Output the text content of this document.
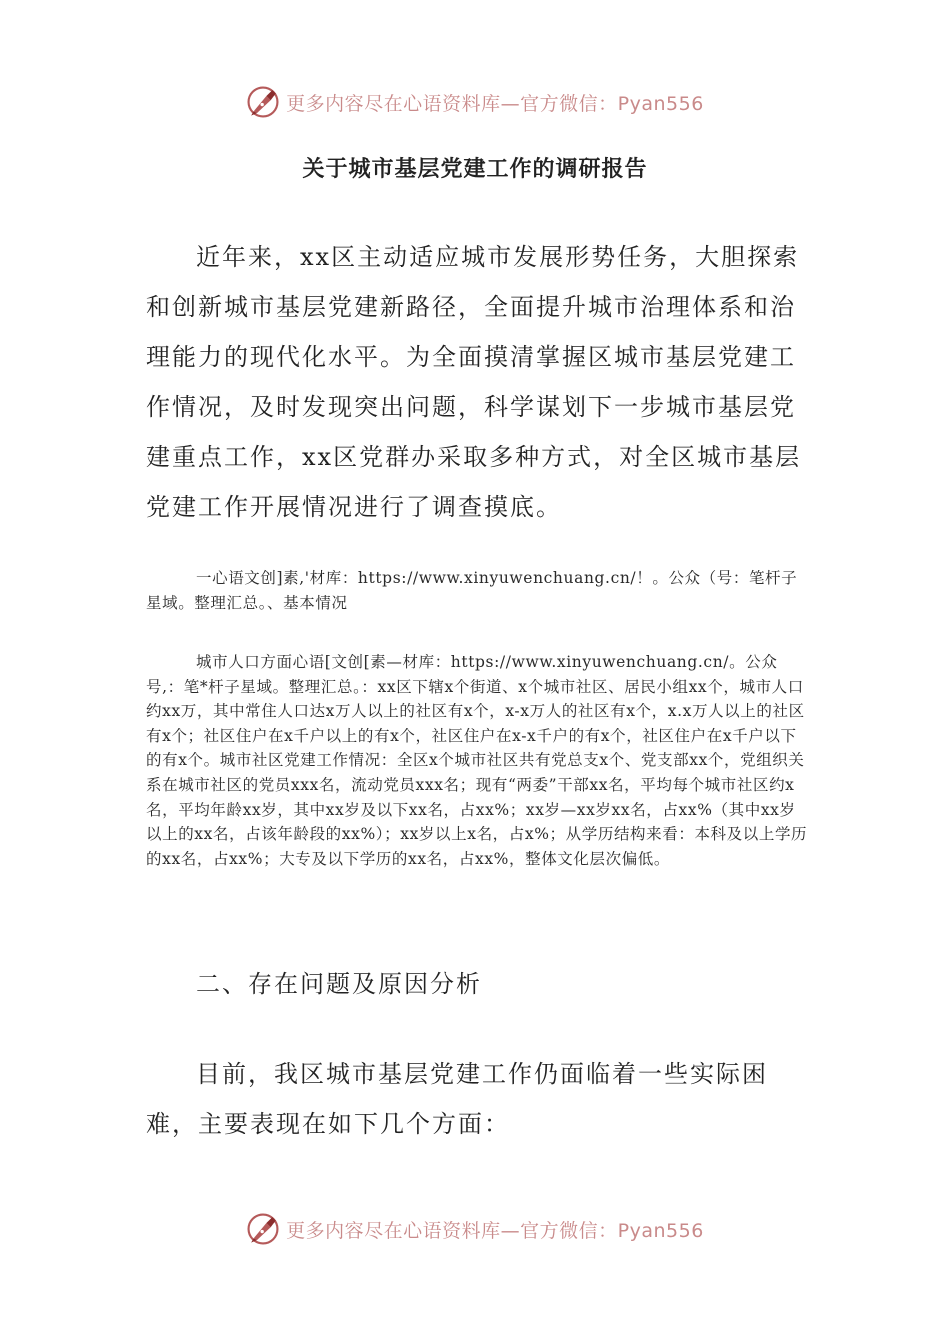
更多内容尽在心语资料库—官方微信：Pyan556
关于城市基层党建工作的调研报告

近年来，xx区主动适应城市发展形势任务，大胆探索和创新城市基层党建新路径，全面提升城市治理体系和治理能力的现代化水平。为全面摸清掌握区城市基层党建工作情况，及时发现突出问题，科学谋划下一步城市基层党建重点工作，xx区党群办采取多种方式，对全区城市基层党建工作开展情况进行了调查摸底。

一心语文创]素,'材库：https://www.xinyuwenchuang.cn/！。公众（号：笔杆子星域。整理汇总。、基本情况

城市人口方面心语[文创[素—材库：https://www.xinyuwenchuang.cn/。公众号,：笔*杆子星域。整理汇总。：xx区下辖x个街道、x个城市社区、居民小组xx个，城市人口约xx万，其中常住人口达x万人以上的社区有x个，x-x万人的社区有x个，x.x万人以上的社区有x个；社区住户在x千户以上的有x个，社区住户在x-x千户的有x个，社区住户在x千户以下的有x个。城市社区党建工作情况：全区x个城市社区共有党总支x个、党支部xx个，党组织关系在城市社区的党员xxx名，流动党员xxx名；现有“两委”干部xx名，平均每个城市社区约x名，平均年龄xx岁，其中xx岁及以下xx名，占xx%；xx岁—xx岁xx名，占xx%（其中xx岁以上的xx名，占该年龄段的xx%）；xx岁以上x名，占x%；从学历结构来看：本科及以上学历的xx名，占xx%；大专及以下学历的xx名，占xx%，整体文化层次偏低。

二、存在问题及原因分析

目前，我区城市基层党建工作仍面临着一些实际困难，主要表现在如下几个方面：

更多内容尽在心语资料库—官方微信：Pyan556
